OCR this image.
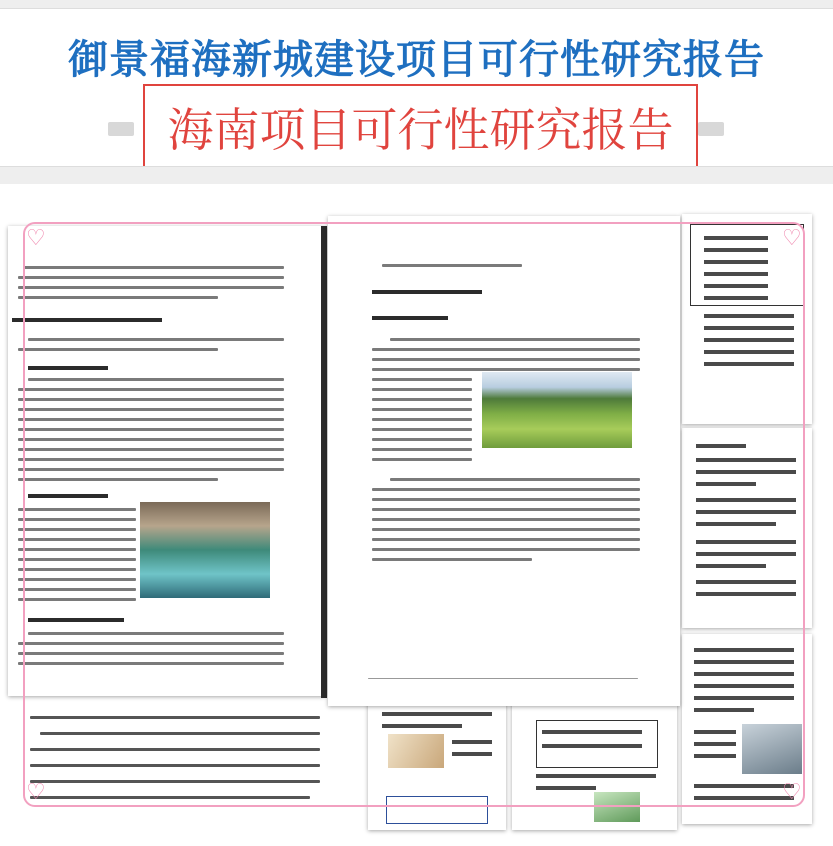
御景福海新城建设项目可行性研究报告
海南项目可行性研究报告
♡	♡
♡	♡
